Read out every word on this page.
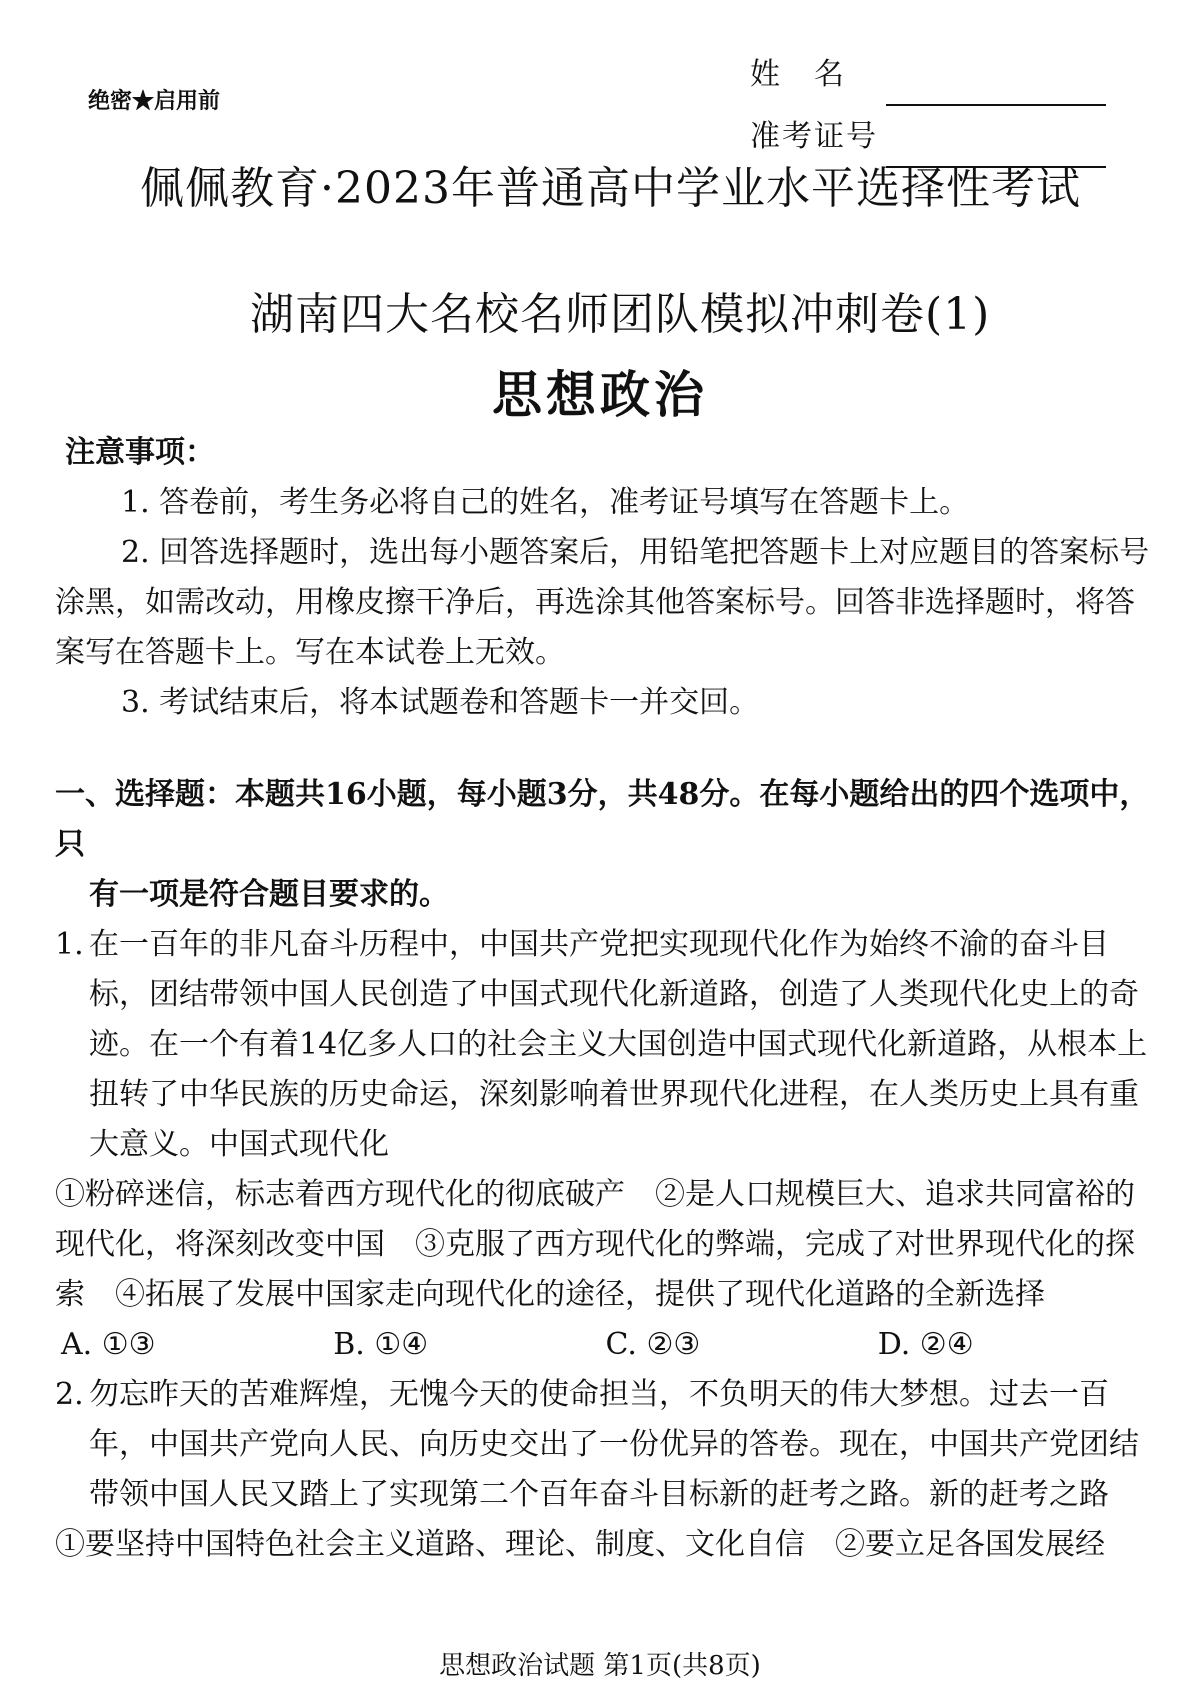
绝密★启用前
姓　名
准考证号
佩佩教育·2023年普通高中学业水平选择性考试
湖南四大名校名师团队模拟冲刺卷(1)
思想政治
注意事项：
1. 答卷前，考生务必将自己的姓名，准考证号填写在答题卡上。
2. 回答选择题时，选出每小题答案后，用铅笔把答题卡上对应题目的答案标号涂黑，如需改动，用橡皮擦干净后，再选涂其他答案标号。回答非选择题时，将答案写在答题卡上。写在本试卷上无效。
3. 考试结束后，将本试题卷和答题卡一并交回。
一、选择题：本题共16小题，每小题3分，共48分。在每小题给出的四个选项中，只
有一项是符合题目要求的。
1. 在一百年的非凡奋斗历程中，中国共产党把实现现代化作为始终不渝的奋斗目标，团结带领中国人民创造了中国式现代化新道路，创造了人类现代化史上的奇迹。在一个有着14亿多人口的社会主义大国创造中国式现代化新道路，从根本上扭转了中华民族的历史命运，深刻影响着世界现代化进程，在人类历史上具有重大意义。中国式现代化
①粉碎迷信，标志着西方现代化的彻底破产　②是人口规模巨大、追求共同富裕的现代化，将深刻改变中国　③克服了西方现代化的弊端，完成了对世界现代化的探索　④拓展了发展中国家走向现代化的途径，提供了现代化道路的全新选择
A. ①③	B. ①④	C. ②③	D. ②④
2. 勿忘昨天的苦难辉煌，无愧今天的使命担当，不负明天的伟大梦想。过去一百年，中国共产党向人民、向历史交出了一份优异的答卷。现在，中国共产党团结带领中国人民又踏上了实现第二个百年奋斗目标新的赶考之路。新的赶考之路
①要坚持中国特色社会主义道路、理论、制度、文化自信　②要立足各国发展经
思想政治试题 第1页(共8页)
